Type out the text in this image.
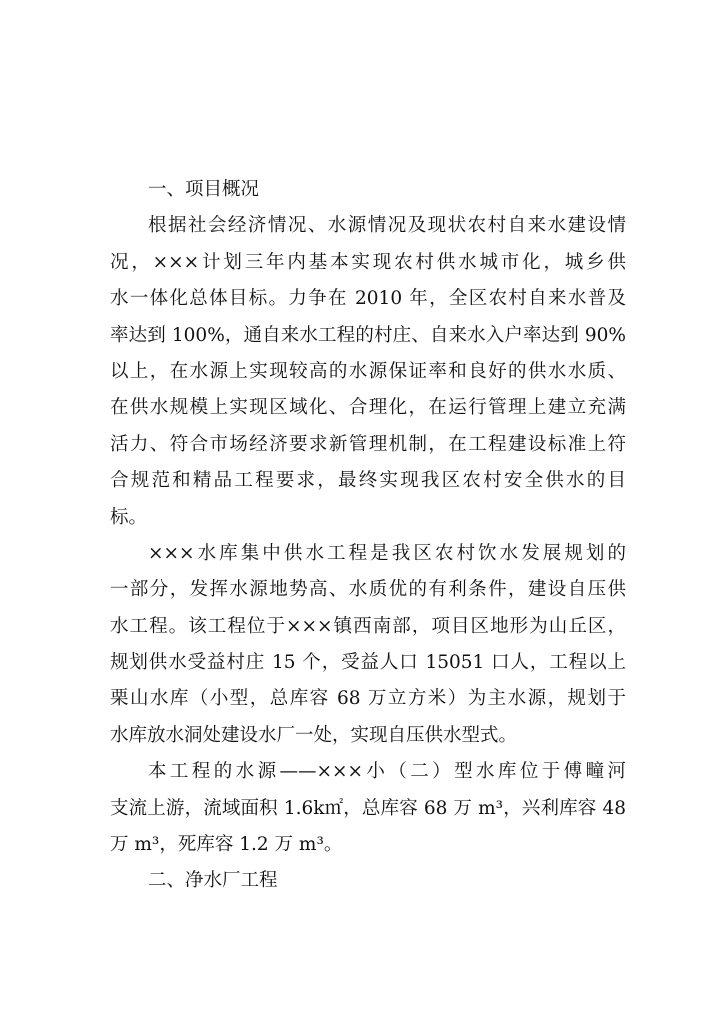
一、项目概况
根据社会经济情况、水源情况及现状农村自来水建设情
况，×××计划三年内基本实现农村供水城市化，城乡供
水一体化总体目标。力争在 2010 年，全区农村自来水普及
率达到 100%，通自来水工程的村庄、自来水入户率达到 90%
以上，在水源上实现较高的水源保证率和良好的供水水质、
在供水规模上实现区域化、合理化，在运行管理上建立充满
活力、符合市场经济要求新管理机制，在工程建设标准上符
合规范和精品工程要求，最终实现我区农村安全供水的目
标。
×××水库集中供水工程是我区农村饮水发展规划的
一部分，发挥水源地势高、水质优的有利条件，建设自压供
水工程。该工程位于×××镇西南部，项目区地形为山丘区，
规划供水受益村庄 15 个，受益人口 15051 口人，工程以上
栗山水库（小型，总库容 68 万立方米）为主水源，规划于
水库放水洞处建设水厂一处，实现自压供水型式。
本工程的水源——×××小（二）型水库位于傅疃河
支流上游，流域面积 1.6k㎡，总库容 68 万 m³，兴利库容 48
万 m³，死库容 1.2 万 m³。
二、净水厂工程
